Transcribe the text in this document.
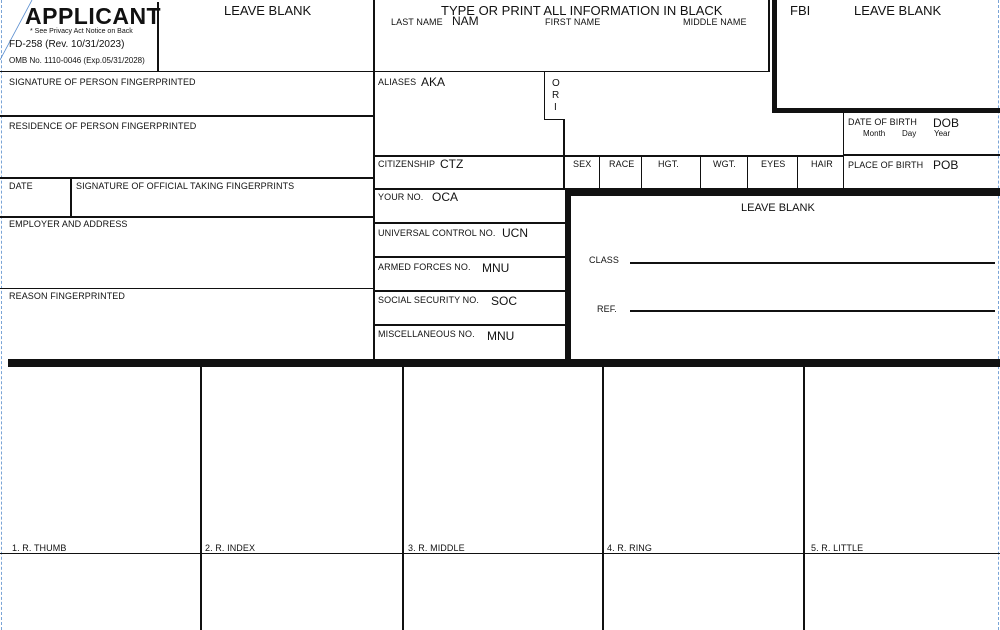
APPLICANT
* See Privacy Act Notice on Back
FD-258 (Rev. 10/31/2023)
OMB No. 1110-0046 (Exp.05/31/2028)
LEAVE BLANK	TYPE OR PRINT ALL INFORMATION IN BLACK	FBI	LEAVE BLANK
LAST NAME NAM	FIRST NAME	MIDDLE NAME
SIGNATURE OF PERSON FINGERPRINTED
RESIDENCE OF PERSON FINGERPRINTED
DATE	SIGNATURE OF OFFICIAL TAKING FINGERPRINTS
EMPLOYER AND ADDRESS
REASON FINGERPRINTED
ALIASES AKA	O
R
I
CITIZENSHIP CTZ
YOUR NO. OCA
UNIVERSAL CONTROL NO. UCN
ARMED FORCES NO. MNU
SOCIAL SECURITY NO. SOC
MISCELLANEOUS NO. MNU
SEX RACE	HGT.	WGT.	EYES	HAIR
DATE OF BIRTH DOB
Month Day Year
PLACE OF BIRTH POB
LEAVE BLANK
CLASS
REF.
1. R. THUMB	2. R. INDEX	3. R. MIDDLE	4. R. RING	5. R. LITTLE
